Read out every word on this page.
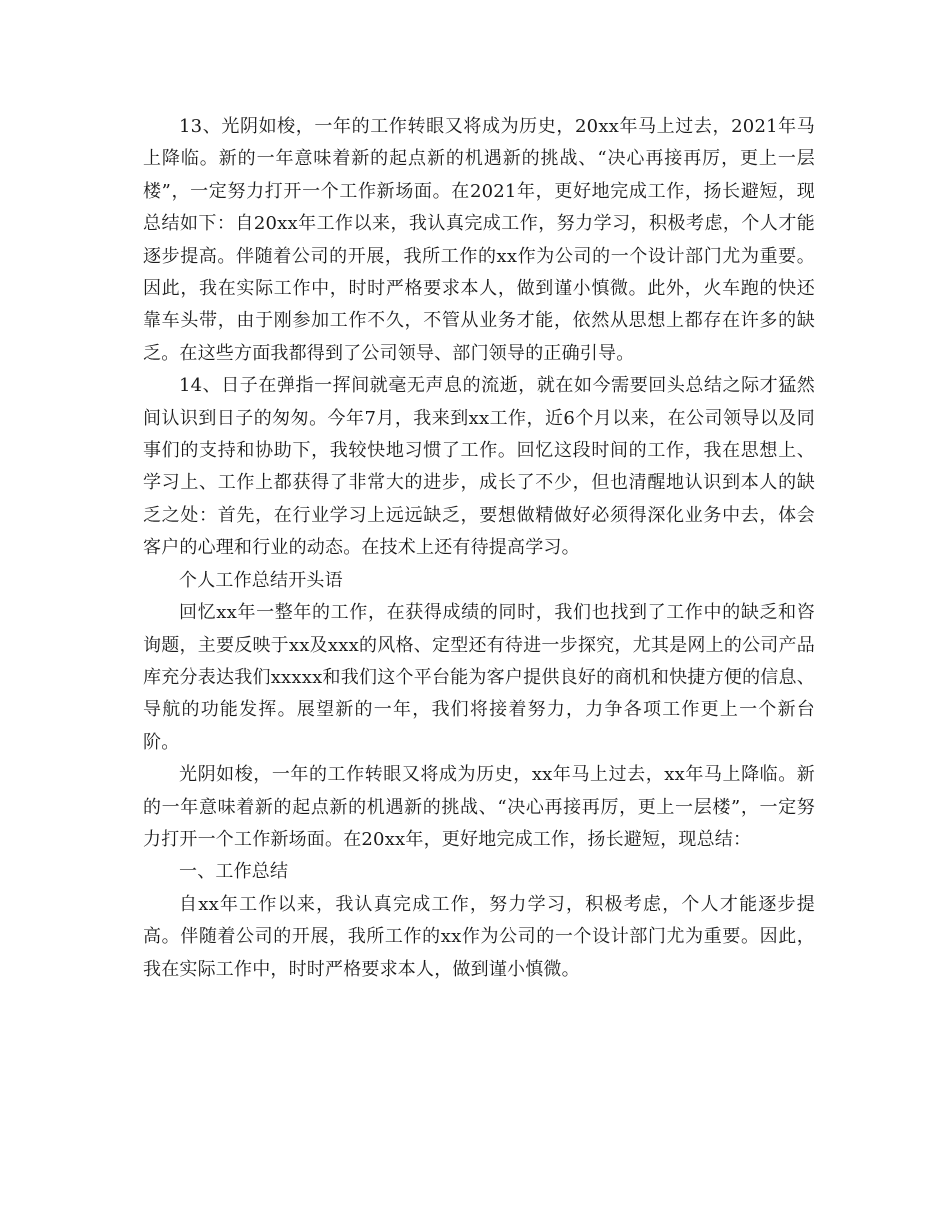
13、光阴如梭，一年的工作转眼又将成为历史，20xx年马上过去，2021年马上降临。新的一年意味着新的起点新的机遇新的挑战、“决心再接再厉，更上一层楼”，一定努力打开一个工作新场面。在2021年，更好地完成工作，扬长避短，现总结如下：自20xx年工作以来，我认真完成工作，努力学习，积极考虑，个人才能逐步提高。伴随着公司的开展，我所工作的xx作为公司的一个设计部门尤为重要。因此，我在实际工作中，时时严格要求本人，做到谨小慎微。此外，火车跑的快还靠车头带，由于刚参加工作不久，不管从业务才能，依然从思想上都存在许多的缺乏。在这些方面我都得到了公司领导、部门领导的正确引导。

14、日子在弹指一挥间就毫无声息的流逝，就在如今需要回头总结之际才猛然间认识到日子的匆匆。今年7月，我来到xx工作，近6个月以来，在公司领导以及同事们的支持和协助下，我较快地习惯了工作。回忆这段时间的工作，我在思想上、学习上、工作上都获得了非常大的进步，成长了不少，但也清醒地认识到本人的缺乏之处：首先，在行业学习上远远缺乏，要想做精做好必须得深化业务中去，体会客户的心理和行业的动态。在技术上还有待提高学习。

个人工作总结开头语

回忆xx年一整年的工作，在获得成绩的同时，我们也找到了工作中的缺乏和咨询题，主要反映于xx及xxx的风格、定型还有待进一步探究，尤其是网上的公司产品库充分表达我们xxxxx和我们这个平台能为客户提供良好的商机和快捷方便的信息、导航的功能发挥。展望新的一年，我们将接着努力，力争各项工作更上一个新台阶。

光阴如梭，一年的工作转眼又将成为历史，xx年马上过去，xx年马上降临。新的一年意味着新的起点新的机遇新的挑战、“决心再接再厉，更上一层楼”，一定努力打开一个工作新场面。在20xx年，更好地完成工作，扬长避短，现总结：

一、工作总结

自xx年工作以来，我认真完成工作，努力学习，积极考虑，个人才能逐步提高。伴随着公司的开展，我所工作的xx作为公司的一个设计部门尤为重要。因此，我在实际工作中，时时严格要求本人，做到谨小慎微。
